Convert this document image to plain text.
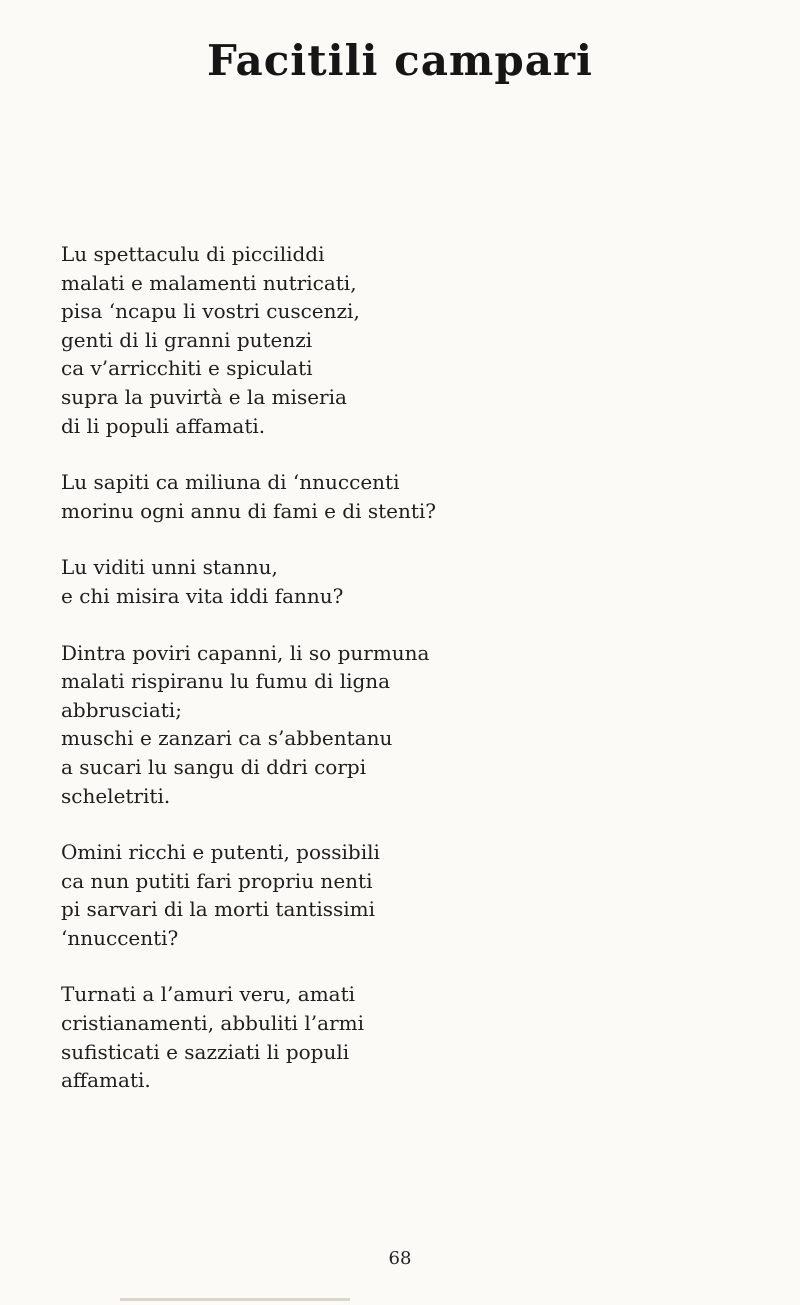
Facitili campari
Lu spettaculu di picciliddi
malati e malamenti nutricati,
pisa ‘ncapu li vostri cuscenzi,
genti di li granni putenzi
ca v’arricchiti e spiculati
supra la puvirtà e la miseria
di li populi affamati.
Lu sapiti ca miliuna di ‘nnuccenti
morinu ogni annu di fami e di stenti?
Lu viditi unni stannu,
e chi misira vita iddi fannu?
Dintra poviri capanni, li so purmuna
malati rispiranu lu fumu di ligna
abbrusciati;
muschi e zanzari ca s’abbentanu
a sucari lu sangu di ddri corpi
scheletriti.
Omini ricchi e putenti, possibili
ca nun putiti fari propriu nenti
pi sarvari di la morti tantissimi
‘nnuccenti?
Turnati a l’amuri veru, amati
cristianamenti, abbuliti l’armi
sufisticati e sazziati li populi
affamati.
68
